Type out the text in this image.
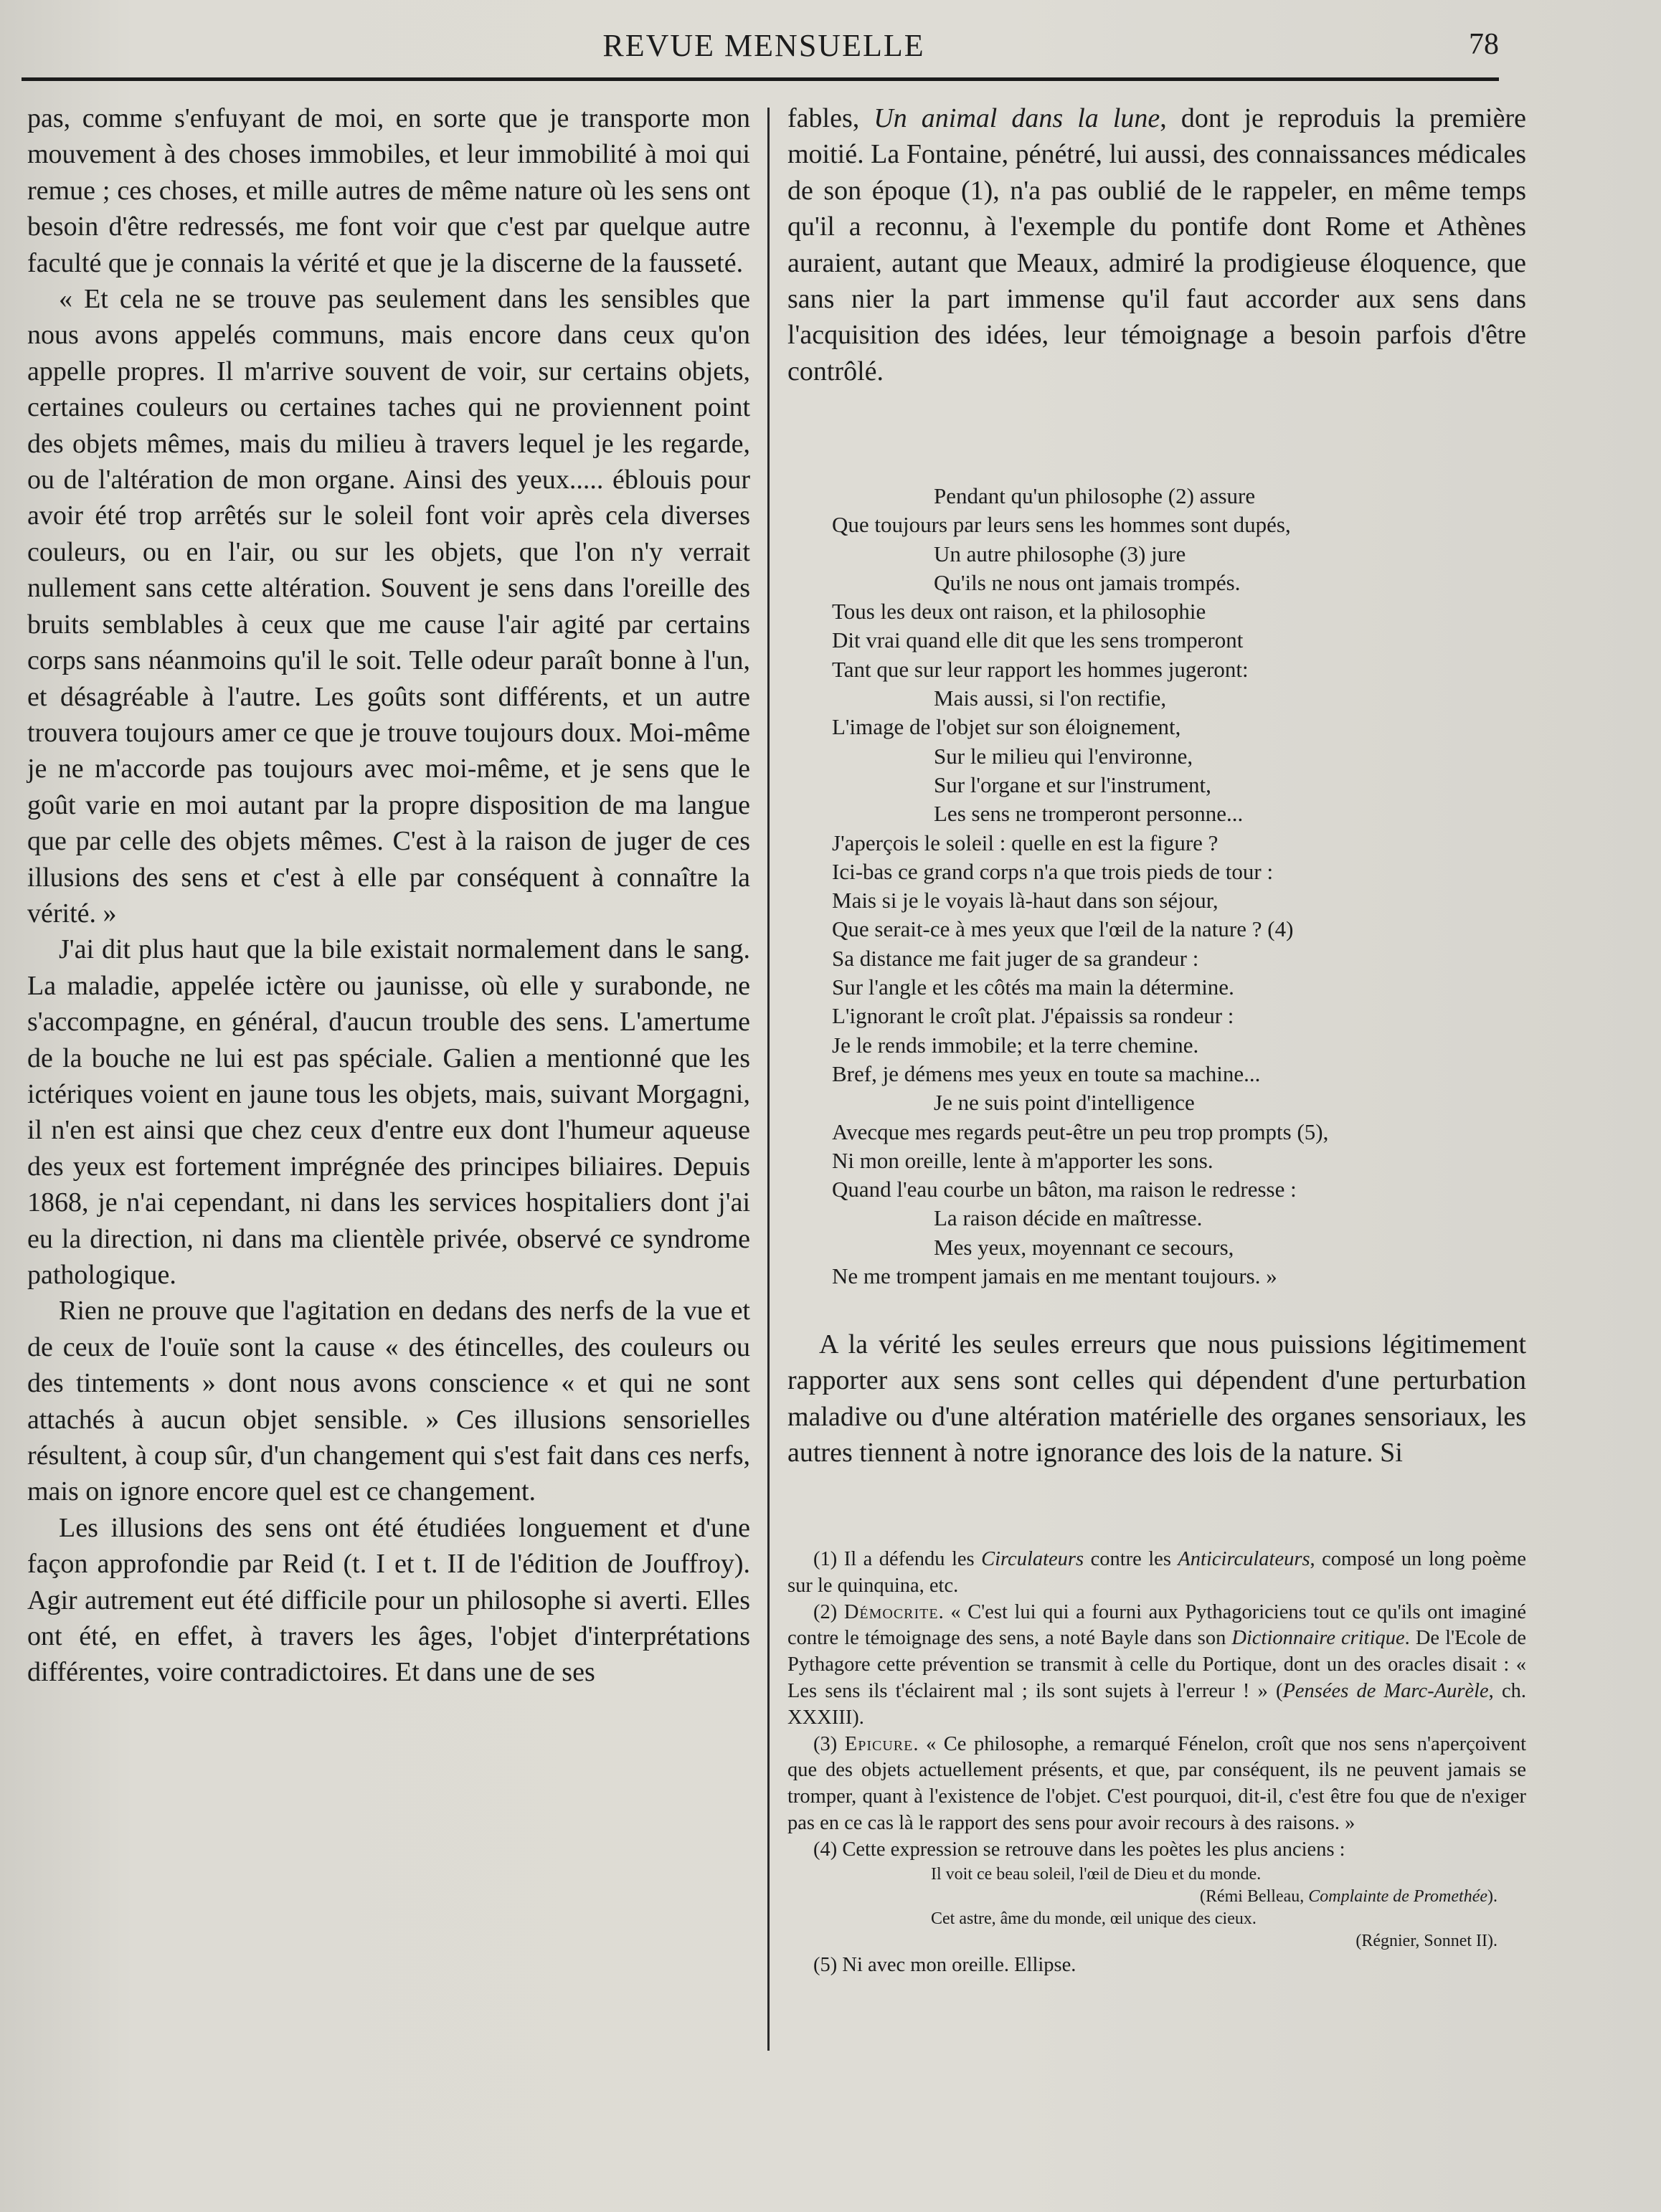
REVUE MENSUELLE	78

pas, comme s'enfuyant de moi, en sorte que je transporte mon mouvement à des choses immobiles, et leur immobilité à moi qui remue ; ces choses, et mille autres de même nature où les sens ont besoin d'être redressés, me font voir que c'est par quelque autre faculté que je connais la vérité et que je la discerne de la fausseté.

« Et cela ne se trouve pas seulement dans les sensibles que nous avons appelés communs, mais encore dans ceux qu'on appelle propres. Il m'arrive souvent de voir, sur certains objets, certaines couleurs ou certaines taches qui ne proviennent point des objets mêmes, mais du milieu à travers lequel je les regarde, ou de l'altération de mon organe. Ainsi des yeux..... éblouis pour avoir été trop arrêtés sur le soleil font voir après cela diverses couleurs, ou en l'air, ou sur les objets, que l'on n'y verrait nullement sans cette altération. Souvent je sens dans l'oreille des bruits semblables à ceux que me cause l'air agité par certains corps sans néanmoins qu'il le soit. Telle odeur paraît bonne à l'un, et désagréable à l'autre. Les goûts sont différents, et un autre trouvera toujours amer ce que je trouve toujours doux. Moi-même je ne m'accorde pas toujours avec moi-même, et je sens que le goût varie en moi autant par la propre disposition de ma langue que par celle des objets mêmes. C'est à la raison de juger de ces illusions des sens et c'est à elle par conséquent à connaître la vérité. »

J'ai dit plus haut que la bile existait normalement dans le sang. La maladie, appelée ictère ou jaunisse, où elle y surabonde, ne s'accompagne, en général, d'aucun trouble des sens. L'amertume de la bouche ne lui est pas spéciale. Galien a mentionné que les ictériques voient en jaune tous les objets, mais, suivant Morgagni, il n'en est ainsi que chez ceux d'entre eux dont l'humeur aqueuse des yeux est fortement imprégnée des principes biliaires. Depuis 1868, je n'ai cependant, ni dans les services hospitaliers dont j'ai eu la direction, ni dans ma clientèle privée, observé ce syndrome pathologique.

Rien ne prouve que l'agitation en dedans des nerfs de la vue et de ceux de l'ouïe sont la cause « des étincelles, des couleurs ou des tintements » dont nous avons conscience « et qui ne sont attachés à aucun objet sensible. » Ces illusions sensorielles résultent, à coup sûr, d'un changement qui s'est fait dans ces nerfs, mais on ignore encore quel est ce changement.

Les illusions des sens ont été étudiées longuement et d'une façon approfondie par Reid (t. I et t. II de l'édition de Jouffroy). Agir autrement eut été difficile pour un philosophe si averti. Elles ont été, en effet, à travers les âges, l'objet d'interprétations différentes, voire contradictoires. Et dans une de ses

fables, Un animal dans la lune, dont je reproduis la première moitié. La Fontaine, pénétré, lui aussi, des connaissances médicales de son époque (1), n'a pas oublié de le rappeler, en même temps qu'il a reconnu, à l'exemple du pontife dont Rome et Athènes auraient, autant que Meaux, admiré la prodigieuse éloquence, que sans nier la part immense qu'il faut accorder aux sens dans l'acquisition des idées, leur témoignage a besoin parfois d'être contrôlé.

Pendant qu'un philosophe (2) assure
Que toujours par leurs sens les hommes sont dupés,
Un autre philosophe (3) jure
Qu'ils ne nous ont jamais trompés.
Tous les deux ont raison, et la philosophie
Dit vrai quand elle dit que les sens tromperont
Tant que sur leur rapport les hommes jugeront:
Mais aussi, si l'on rectifie,
L'image de l'objet sur son éloignement,
Sur le milieu qui l'environne,
Sur l'organe et sur l'instrument,
Les sens ne tromperont personne...
J'aperçois le soleil : quelle en est la figure ?
Ici-bas ce grand corps n'a que trois pieds de tour :
Mais si je le voyais là-haut dans son séjour,
Que serait-ce à mes yeux que l'œil de la nature ? (4)
Sa distance me fait juger de sa grandeur :
Sur l'angle et les côtés ma main la détermine.
L'ignorant le croît plat. J'épaissis sa rondeur :
Je le rends immobile; et la terre chemine.
Bref, je démens mes yeux en toute sa machine...
Je ne suis point d'intelligence
Avecque mes regards peut-être un peu trop prompts (5),
Ni mon oreille, lente à m'apporter les sons.
Quand l'eau courbe un bâton, ma raison le redresse :
La raison décide en maîtresse.
Mes yeux, moyennant ce secours,
Ne me trompent jamais en me mentant toujours. »

A la vérité les seules erreurs que nous puissions légitimement rapporter aux sens sont celles qui dépendent d'une perturbation maladive ou d'une altération matérielle des organes sensoriaux, les autres tiennent à notre ignorance des lois de la nature. Si

(1) Il a défendu les Circulateurs contre les Anticirculateurs, composé un long poème sur le quinquina, etc.

(2) Démocrite. « C'est lui qui a fourni aux Pythagoriciens tout ce qu'ils ont imaginé contre le témoignage des sens, a noté Bayle dans son Dictionnaire critique. De l'Ecole de Pythagore cette prévention se transmit à celle du Portique, dont un des oracles disait : « Les sens ils t'éclairent mal ; ils sont sujets à l'erreur ! » (Pensées de Marc-Aurèle, ch. XXXIII).

(3) Epicure. « Ce philosophe, a remarqué Fénelon, croît que nos sens n'aperçoivent que des objets actuellement présents, et que, par conséquent, ils ne peuvent jamais se tromper, quant à l'existence de l'objet. C'est pourquoi, dit-il, c'est être fou que de n'exiger pas en ce cas là le rapport des sens pour avoir recours à des raisons. »

(4) Cette expression se retrouve dans les poètes les plus anciens :

Il voit ce beau soleil, l'œil de Dieu et du monde.
(Rémi Belleau, Complainte de Promethée).
Cet astre, âme du monde, œil unique des cieux.
(Régnier, Sonnet II).

(5) Ni avec mon oreille. Ellipse.
